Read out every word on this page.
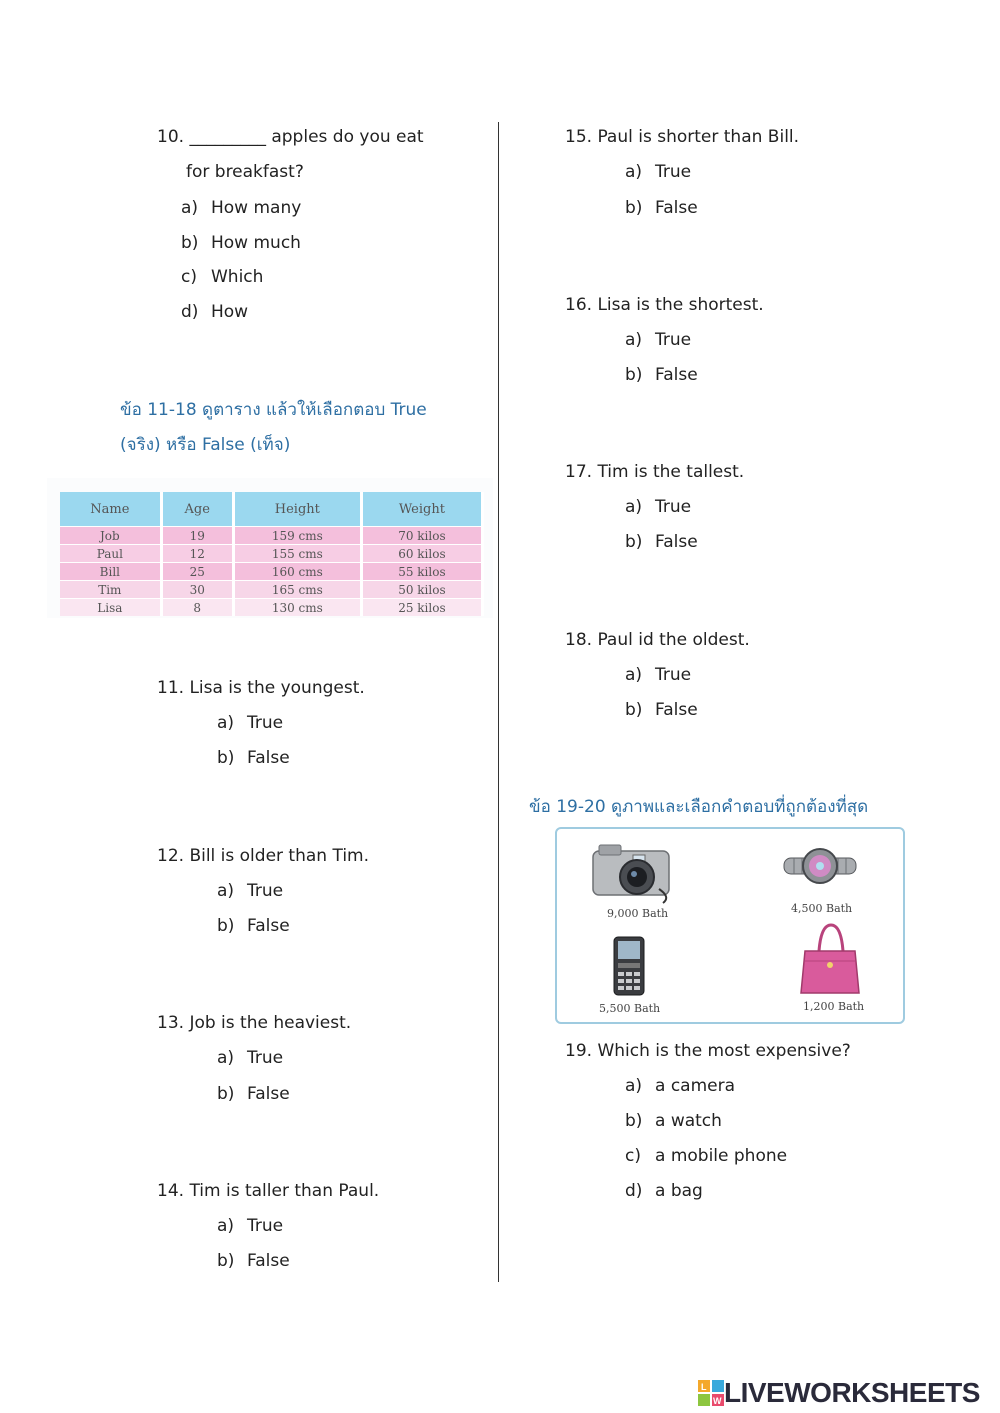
10. _________ apples do you eat
for breakfast?
a) How many
b) How much
c) Which
d) How
ข้อ 11-18 ดูตาราง แล้วให้เลือกตอบ True
(จริง) หรือ False (เท็จ)
Name	Age	Height	Weight
Job	19	159 cms	70 kilos
Paul	12	155 cms	60 kilos
Bill	25	160 cms	55 kilos
Tim	30	165 cms	50 kilos
Lisa	8	130 cms	25 kilos
11. Lisa is the youngest.
a) True
b) False
12. Bill is older than Tim.
a) True
b) False
13. Job is the heaviest.
a) True
b) False
14. Tim is taller than Paul.
a) True
b) False
15. Paul is shorter than Bill.
a) True
b) False
16. Lisa is the shortest.
a) True
b) False
17. Tim is the tallest.
a) True
b) False
18. Paul id the oldest.
a) True
b) False
ข้อ 19-20 ดูภาพและเลือกคำตอบที่ถูกต้องที่สุด
9,000 Bath	4,500 Bath
5,500 Bath	1,200 Bath
19. Which is the most expensive?
a) a camera
b) a watch
c) a mobile phone
d) a bag
L
W LIVEWORKSHEETS
